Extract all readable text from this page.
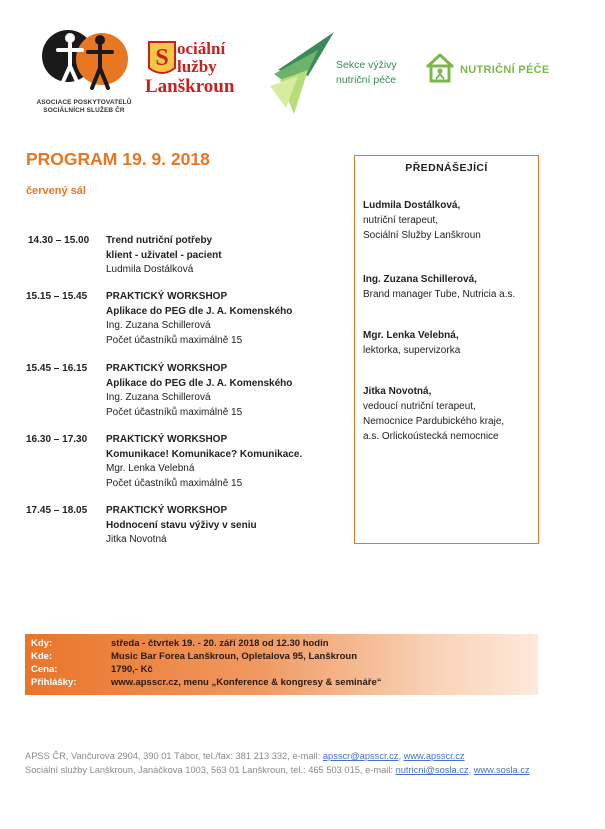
ASOCIACE POSKYTOVATELŮ
SOCIÁLNÍCH SLUŽEB ČR
S ociální
lužby
Lanškroun
Sekce výživy
nutriční péče
NUTRIČNÍ PÉČE
PROGRAM 19. 9. 2018
červený sál
14.30 – 15.00 Trend nutriční potřeby
klient - uživatel - pacient
Ludmila Dostálková
15.15 – 15.45 PRAKTICKÝ WORKSHOP
Aplikace do PEG dle J. A. Komenského
Ing. Zuzana Schillerová
Počet účastníků maximálně 15
15.45 – 16.15 PRAKTICKÝ WORKSHOP
Aplikace do PEG dle J. A. Komenského
Ing. Zuzana Schillerová
Počet účastníků maximálně 15
16.30 – 17.30 PRAKTICKÝ WORKSHOP
Komunikace! Komunikace? Komunikace.
Mgr. Lenka Velebná
Počet účastníků maximálně 15
17.45 – 18.05 PRAKTICKÝ WORKSHOP
Hodnocení stavu výživy v seniu
Jitka Novotná
PŘEDNÁŠEJÍCÍ
Ludmila Dostálková,
nutriční terapeut,
Sociální Služby Lanškroun
Ing. Zuzana Schillerová,
Brand manager Tube, Nutricia a.s.
Mgr. Lenka Velebná,
lektorka, supervizorka
Jitka Novotná,
vedoucí nutriční terapeut,
Nemocnice Pardubického kraje,
a.s. Orlickoústecká nemocnice
Kdy:	středa - čtvrtek 19. - 20. září 2018 od 12.30 hodin
Kde:	Music Bar Forea Lanškroun, Opletalova 95, Lanškroun
Cena:	1790,- Kč
Přihlášky:	www.apsscr.cz, menu „Konference & kongresy & semináře“
APSS ČR, Vančurova 2904, 390 01 Tábor, tel./fax: 381 213 332, e-mail: apsscr@apsscr.cz, www.apsscr.cz
Sociální služby Lanškroun, Janáčkova 1003, 563 01 Lanškroun, tel.: 465 503 015, e-mail: nutricni@sosla.cz, www.sosla.cz
